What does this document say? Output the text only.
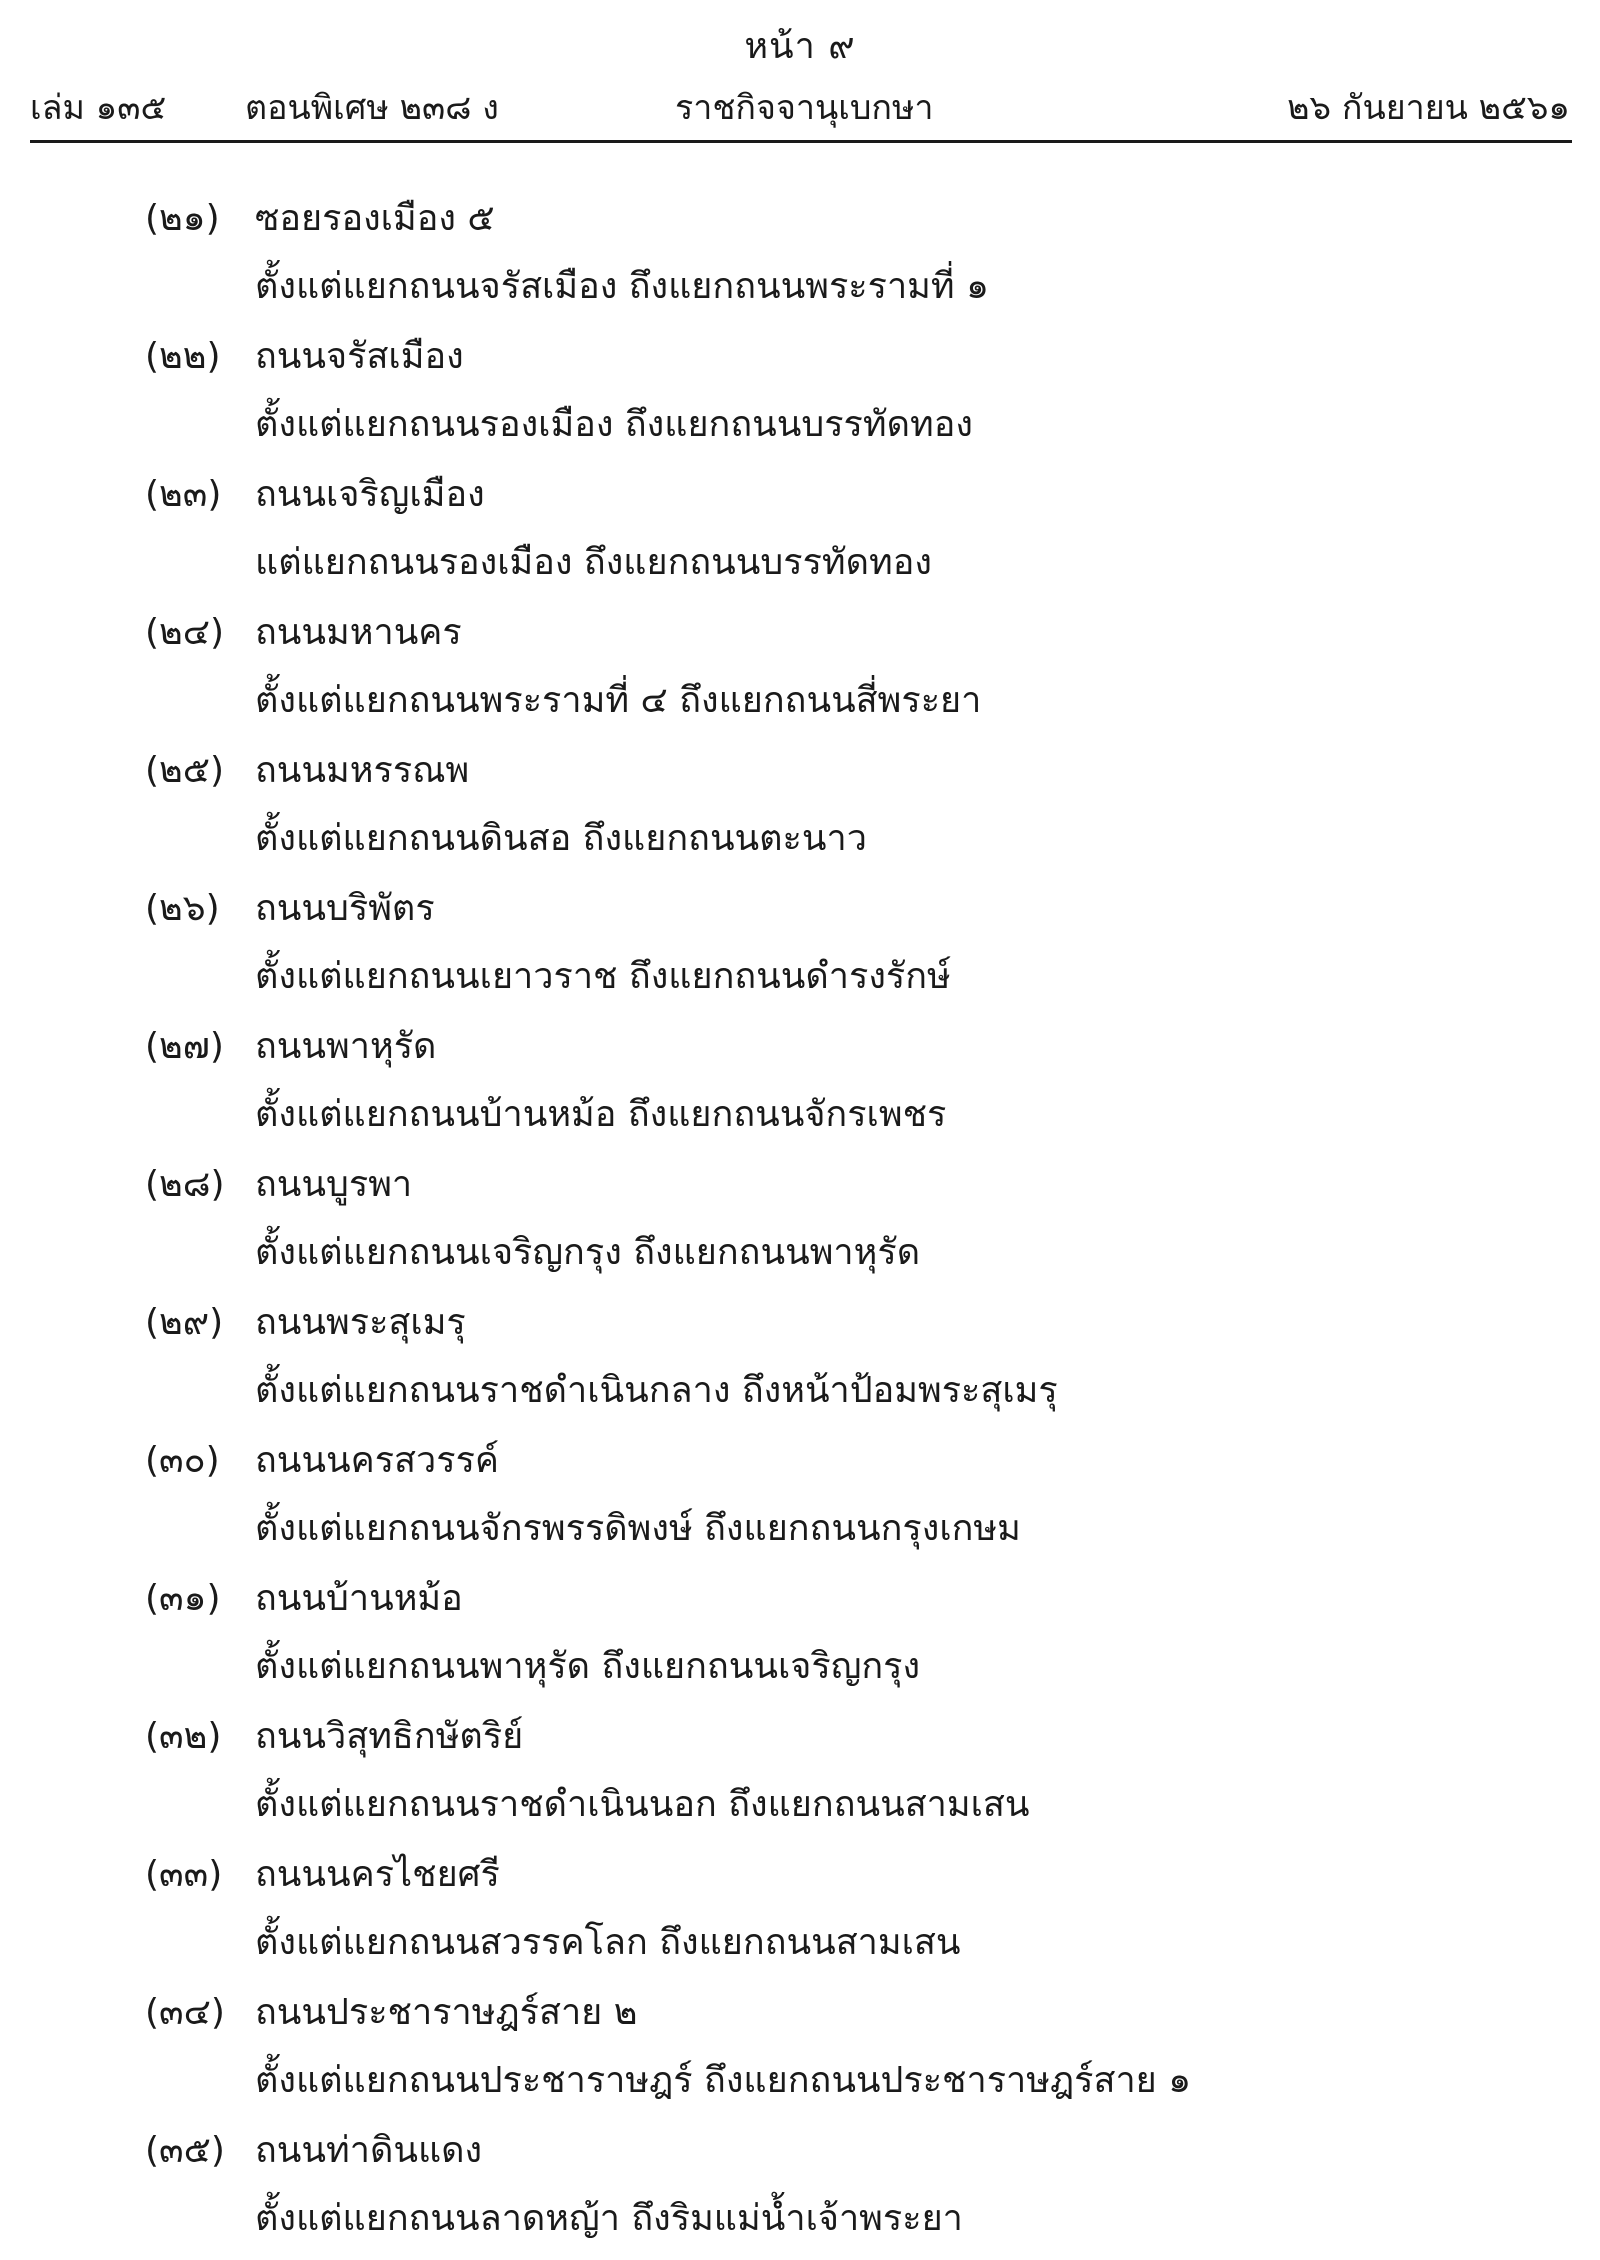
หน้า ๙
เล่ม ๑๓๕ ตอนพิเศษ ๒๓๘ ง	ราชกิจจานุเบกษา	๒๖ กันยายน ๒๕๖๑
(๒๑) ซอยรองเมือง ๕
ตั้งแต่แยกถนนจรัสเมือง ถึงแยกถนนพระรามที่ ๑
(๒๒) ถนนจรัสเมือง
ตั้งแต่แยกถนนรองเมือง ถึงแยกถนนบรรทัดทอง
(๒๓) ถนนเจริญเมือง
แต่แยกถนนรองเมือง ถึงแยกถนนบรรทัดทอง
(๒๔) ถนนมหานคร
ตั้งแต่แยกถนนพระรามที่ ๔ ถึงแยกถนนสี่พระยา
(๒๕) ถนนมหรรณพ
ตั้งแต่แยกถนนดินสอ ถึงแยกถนนตะนาว
(๒๖) ถนนบริพัตร
ตั้งแต่แยกถนนเยาวราช ถึงแยกถนนดำรงรักษ์
(๒๗) ถนนพาหุรัด
ตั้งแต่แยกถนนบ้านหม้อ ถึงแยกถนนจักรเพชร
(๒๘) ถนนบูรพา
ตั้งแต่แยกถนนเจริญกรุง ถึงแยกถนนพาหุรัด
(๒๙) ถนนพระสุเมรุ
ตั้งแต่แยกถนนราชดำเนินกลาง ถึงหน้าป้อมพระสุเมรุ
(๓๐) ถนนนครสวรรค์
ตั้งแต่แยกถนนจักรพรรดิพงษ์ ถึงแยกถนนกรุงเกษม
(๓๑) ถนนบ้านหม้อ
ตั้งแต่แยกถนนพาหุรัด ถึงแยกถนนเจริญกรุง
(๓๒) ถนนวิสุทธิกษัตริย์
ตั้งแต่แยกถนนราชดำเนินนอก ถึงแยกถนนสามเสน
(๓๓) ถนนนครไชยศรี
ตั้งแต่แยกถนนสวรรคโลก ถึงแยกถนนสามเสน
(๓๔) ถนนประชาราษฎร์สาย ๒
ตั้งแต่แยกถนนประชาราษฎร์ ถึงแยกถนนประชาราษฎร์สาย ๑
(๓๕) ถนนท่าดินแดง
ตั้งแต่แยกถนนลาดหญ้า ถึงริมแม่น้ำเจ้าพระยา
